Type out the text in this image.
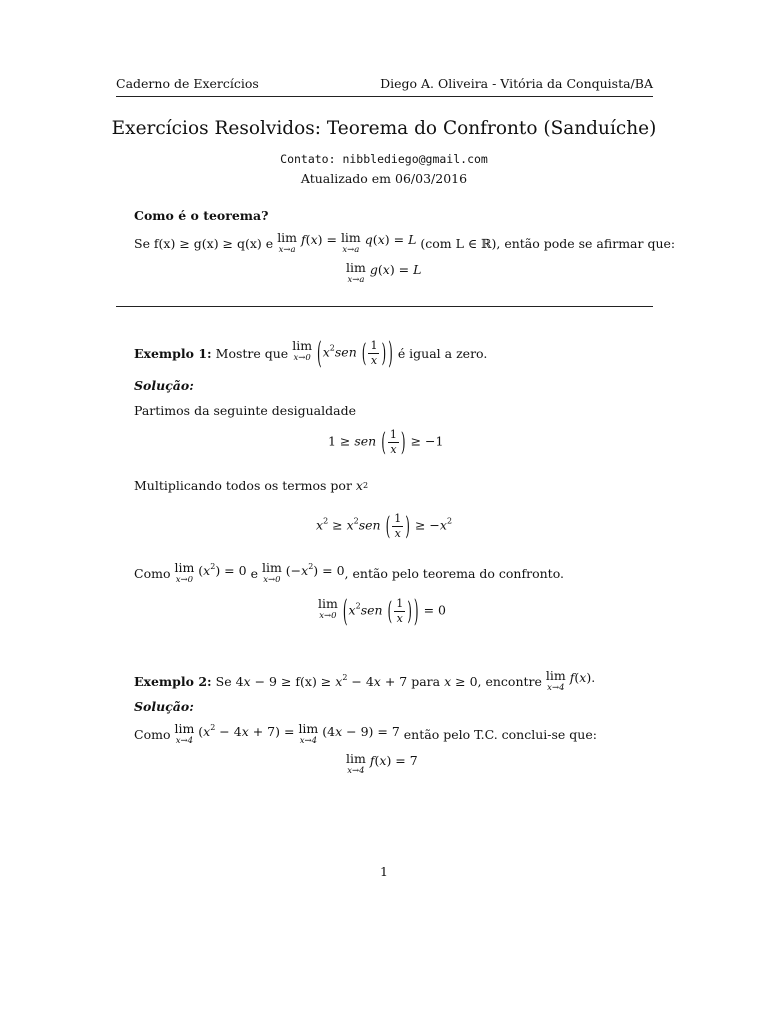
Caderno de Exercícios	Diego A. Oliveira - Vitória da Conquista/BA
Exercícios Resolvidos: Teorema do Confronto (Sanduíche)
Contato: nibblediego@gmail.com
Atualizado em 06/03/2016
Como é o teorema?
Se f(x) ≥ g(x) ≥ q(x) e lim
x→a
f(x) = lim
x→a
q(x) = L (com L ∈ ℝ), então pode se afirmar que:
lim
x→a
g(x) = L
Exemplo 1:
Mostre que
lim
x→0 ($x^2sen$ ( $\frac{1}{x}$ ) ) é igual a zero.
Solução:
Partimos da seguinte desigualdade
1 ≥ sen ( $\frac{1}{x}$ ) ≥ −1
Multiplicando todos os termos por
x 2
$x^2 \ge x^2sen$ ( $\frac{1}{x}$ ) ≥ $-x^2$
Como
lim
x→0
$(x^2) = 0$
e
lim
x→0
$(-x^2) = 0$ , então pelo teorema do confronto.
lim
x→0 ($x^2sen$ ( $\frac{1}{x}$ ) ) = 0
Exemplo 2:
Se
$4x - 9 \ge f(x) \ge x^2 - 4x + 7$
para
x ≥ 0 , encontre
lim
x→4
f(x).
Solução:
Como
lim
x→4
$(x^2 - 4x + 7) = \lim$
x→4
(4x − 9) = 7
então pelo T.C. conclui-se que:
lim
x→4
f(x) = 7
1
